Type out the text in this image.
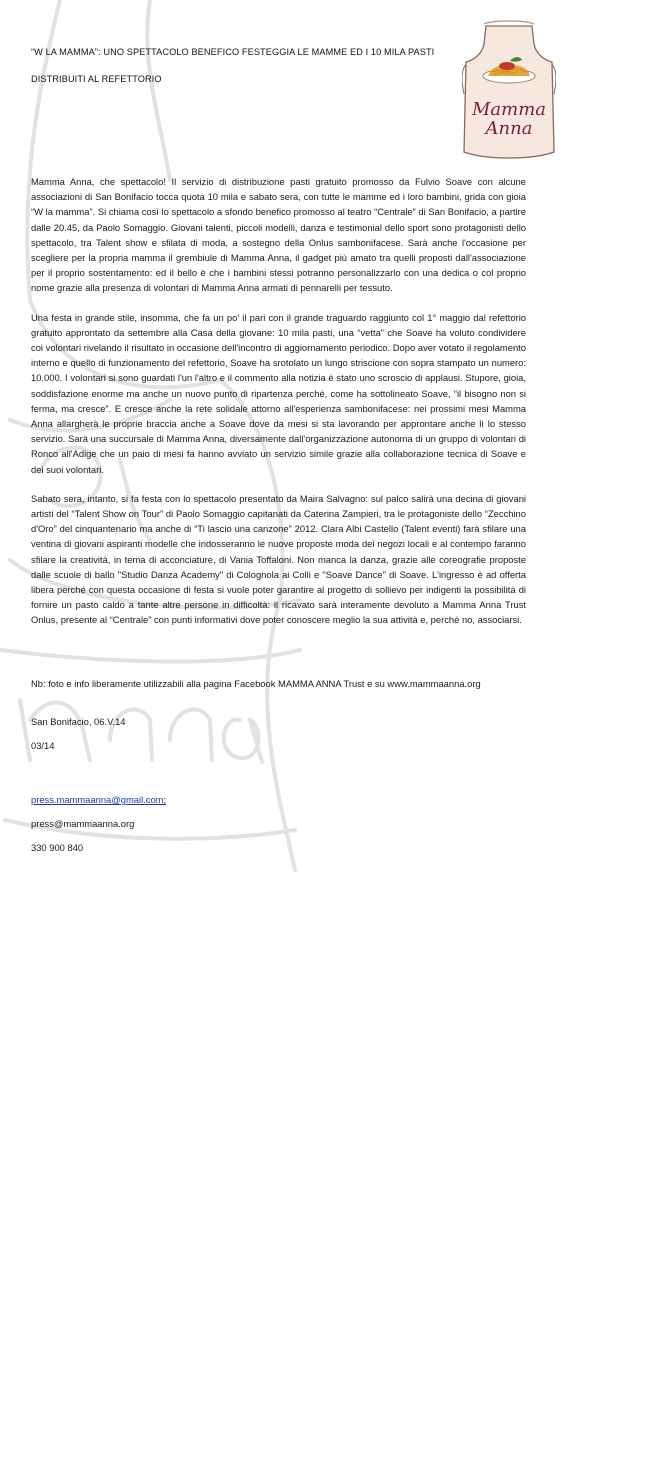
“W LA MAMMA”: UNO SPETTACOLO BENEFICO FESTEGGIA LE MAMME ED I 10 MILA PASTI
DISTRIBUITI AL REFETTORIO
Mamma
Anna

Mamma Anna, che spettacolo! Il servizio di distribuzione pasti gratuito promosso da Fulvio Soave con alcune associazioni di San Bonifacio tocca quota 10 mila e sabato sera, con tutte le mamme ed i loro bambini, grida con gioia “W la mamma”. Si chiama così lo spettacolo a sfondo benefico promosso al teatro “Centrale” di San Bonifacio, a partire dalle 20.45, da Paolo Somaggio. Giovani talenti, piccoli modelli, danza e testimonial dello sport sono protagonisti dello spettacolo, tra Talent show e sfilata di moda, a sostegno della Onlus sambonifacese. Sarà anche l'occasione per scegliere per la propria mamma il grembiule di Mamma Anna, il gadget più amato tra quelli proposti dall'associazione per il proprio sostentamento: ed il bello è che i bambini stessi potranno personalizzarlo con una dedica o col proprio nome grazie alla presenza di volontari di Mamma Anna armati di pennarelli per tessuto.

Una festa in grande stile, insomma, che fa un po' il pari con il grande traguardo raggiunto col 1° maggio dal refettorio gratuito approntato da settembre alla Casa della giovane: 10 mila pasti, una “vetta” che Soave ha voluto condividere coi volontari rivelando il risultato in occasione dell'incontro di aggiornamento periodico. Dopo aver votato il regolamento interno e quello di funzionamento del refettorio, Soave ha srotolato un lungo striscione con sopra stampato un numero: 10.000. I volontari si sono guardati l'un l'altro e il commento alla notizia è stato uno scroscio di applausi. Stupore, gioia, soddisfazione enorme ma anche un nuovo punto di ripartenza perché, come ha sottolineato Soave, “il bisogno non si ferma, ma cresce”. E cresce anche la rete solidale attorno all'esperienza sambonifacese: nei prossimi mesi Mamma Anna allargherà le proprie braccia anche a Soave dove da mesi si sta lavorando per approntare anche lì lo stesso servizio. Sarà una succursale di Mamma Anna, diversamente dall'organizzazione autonoma di un gruppo di volontari di Ronco all'Adige che un paio di mesi fa hanno avviato un servizio simile grazie alla collaborazione tecnica di Soave e dei suoi volontari.

Sabato sera, intanto, si fa festa con lo spettacolo presentato da Maira Salvagno: sul palco salirà una decina di giovani artisti del “Talent Show on Tour” di Paolo Somaggio capitanati da Caterina Zampieri, tra le protagoniste dello “Zecchino d'Oro” del cinquantenario ma anche di “Ti lascio una canzone” 2012. Clara Albi Castello (Talent eventi) farà sfilare una ventina di giovani aspiranti modelle che indosseranno le nuove proposte moda dei negozi locali e al contempo faranno sfilare la creatività, in tema di acconciature, di Vania Toffaloni. Non manca la danza, grazie alle coreografie proposte dalle scuole di ballo "Studio Danza Academy" di Colognola ai Colli e "Soave Dance" di Soave. L'ingresso è ad offerta libera perché con questa occasione di festa si vuole poter garantire al progetto di sollievo per indigenti la possibilità di fornire un pasto caldo a tante altre persone in difficoltà: il ricavato sarà interamente devoluto a Mamma Anna Trust Onlus, presente al “Centrale” con punti informativi dove poter conoscere meglio la sua attività e, perché no, associarsi.

Nb: foto e info liberamente utilizzabili alla pagina Facebook MAMMA ANNA Trust e su www.mammaanna.org
San Bonifacio, 06.V.14
03/14
press.mammaanna@gmail.com;
press@mammaanna.org
330 900 840
